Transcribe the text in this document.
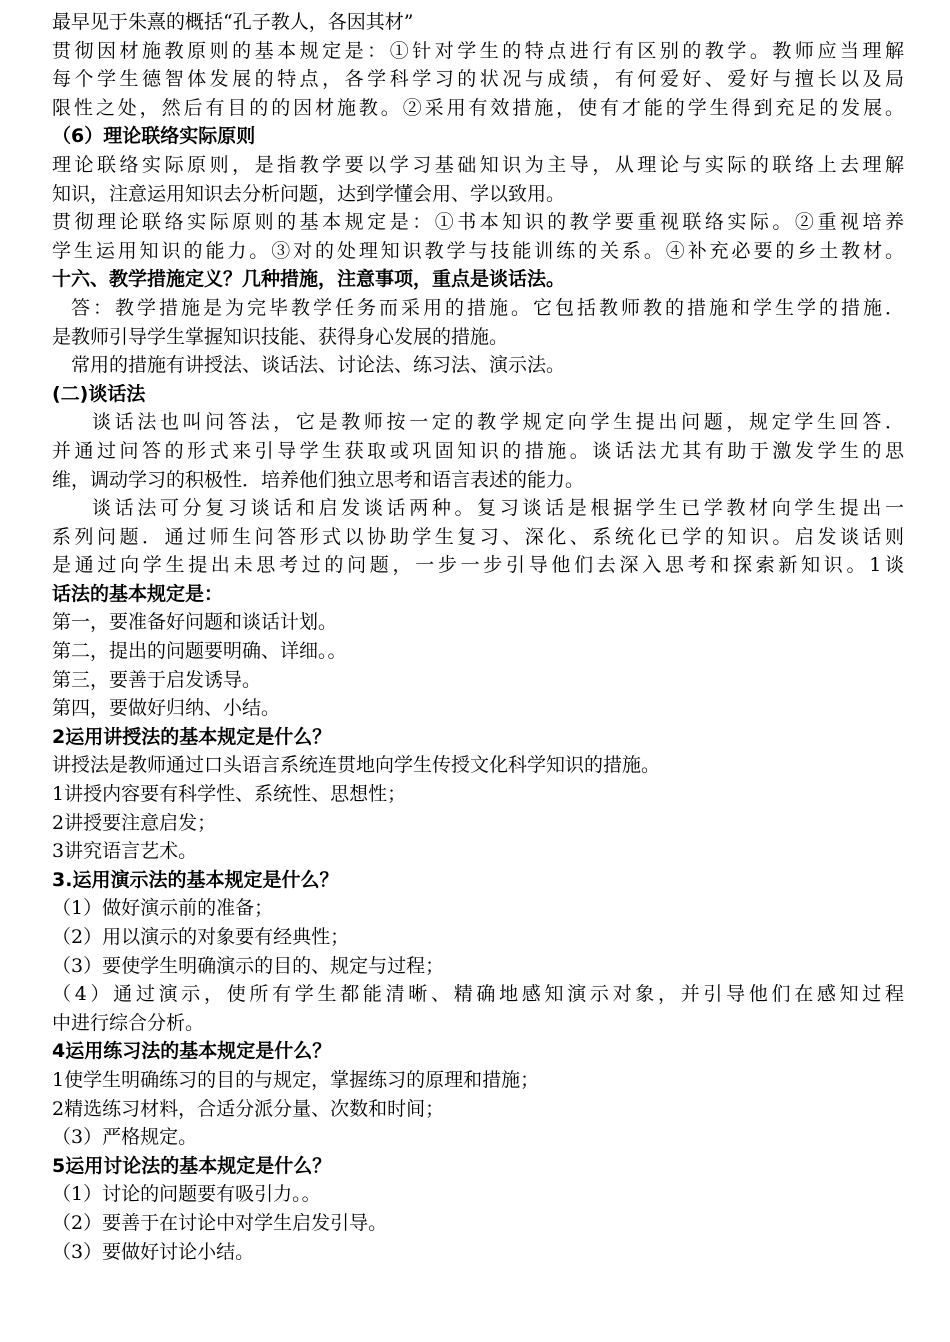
最早见于朱熹的概括“孔子教人，各因其材”
贯彻因材施教原则的基本规定是：①针对学生的特点进行有区别的教学。教师应当理解
每个学生德智体发展的特点，各学科学习的状况与成绩，有何爱好、爱好与擅长以及局
限性之处，然后有目的的因材施教。②采用有效措施，使有才能的学生得到充足的发展。
（6）理论联络实际原则
理论联络实际原则，是指教学要以学习基础知识为主导，从理论与实际的联络上去理解
知识，注意运用知识去分析问题，达到学懂会用、学以致用。
贯彻理论联络实际原则的基本规定是：①书本知识的教学要重视联络实际。②重视培养
学生运用知识的能力。③对的处理知识教学与技能训练的关系。④补充必要的乡土教材。
十六、教学措施定义？几种措施，注意事项，重点是谈话法。
答：教学措施是为完毕教学任务而采用的措施。它包括教师教的措施和学生学的措施．
是教师引导学生掌握知识技能、获得身心发展的措施。
常用的措施有讲授法、谈话法、讨论法、练习法、演示法。
(二)谈话法
谈话法也叫问答法，它是教师按一定的教学规定向学生提出问题，规定学生回答．
并通过问答的形式来引导学生获取或巩固知识的措施。谈话法尤其有助于激发学生的思
维，调动学习的积极性．培养他们独立思考和语言表述的能力。
谈话法可分复习谈话和启发谈话两种。复习谈话是根据学生已学教材向学生提出一
系列问题．通过师生问答形式以协助学生复习、深化、系统化已学的知识。启发谈话则
是通过向学生提出未思考过的问题，一步一步引导他们去深入思考和探索新知识。1谈
话法的基本规定是：
第一，要准备好问题和谈话计划。
第二，提出的问题要明确、详细。。
第三，要善于启发诱导。
第四，要做好归纳、小结。
2运用讲授法的基本规定是什么？
讲授法是教师通过口头语言系统连贯地向学生传授文化科学知识的措施。
1讲授内容要有科学性、系统性、思想性；
2讲授要注意启发；
3讲究语言艺术。
3.运用演示法的基本规定是什么？
（1）做好演示前的准备；
（2）用以演示的对象要有经典性；
（3）要使学生明确演示的目的、规定与过程；
（4）通过演示，使所有学生都能清晰、精确地感知演示对象，并引导他们在感知过程
中进行综合分析。
4运用练习法的基本规定是什么？
1使学生明确练习的目的与规定，掌握练习的原理和措施；
2精选练习材料，合适分派分量、次数和时间；
（3）严格规定。
5运用讨论法的基本规定是什么？
（1）讨论的问题要有吸引力。。
（2）要善于在讨论中对学生启发引导。
（3）要做好讨论小结。
